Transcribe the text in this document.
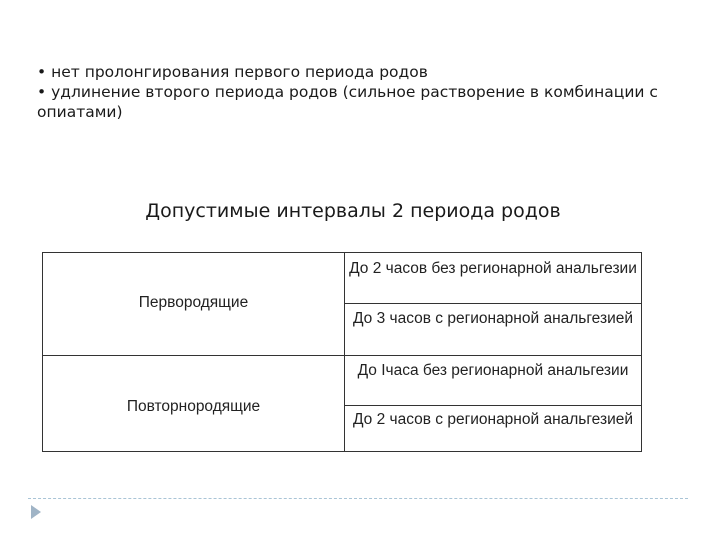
• нет пролонгирования первого периода родов

• удлинение второго периода родов (сильное растворение в комбинации с опиатами)

Допустимые интервалы 2 периода родов
Первородящие
До 2 часов без регионарной анальгезии
До 3 часов с регионарной анальгезией
Повторнородящие
До Iчаса без регионарной анальгезии
До 2 часов с регионарной анальгезией
